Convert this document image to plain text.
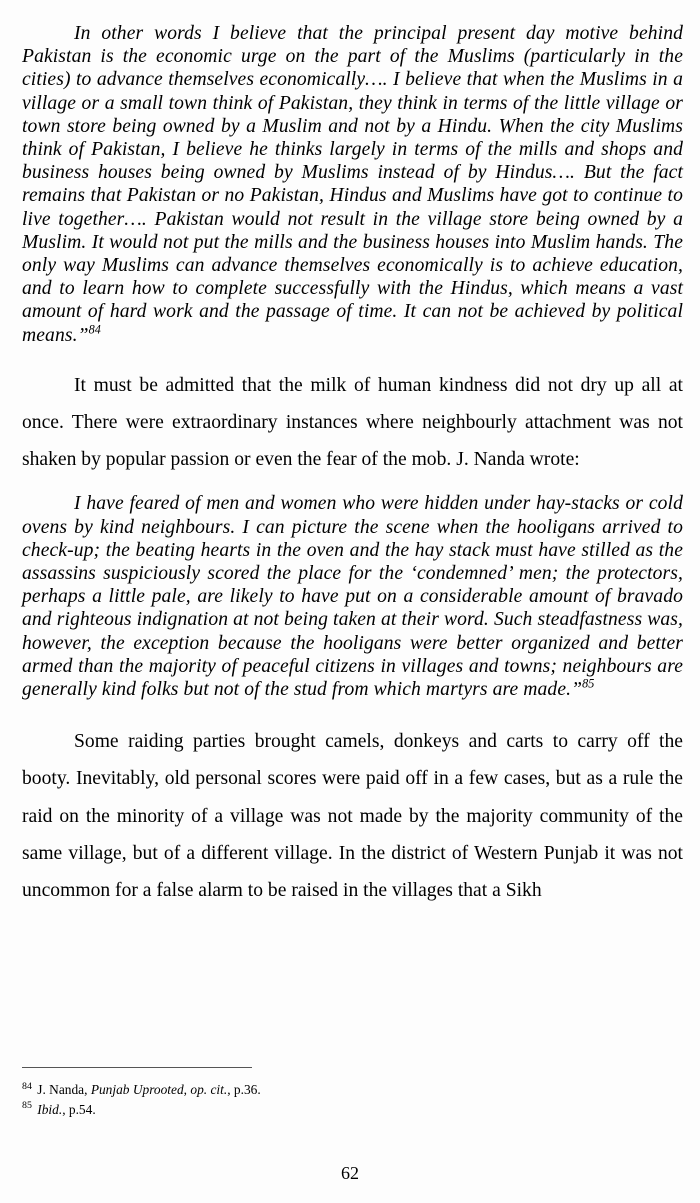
In other words I believe that the principal present day motive behind Pakistan is the economic urge on the part of the Muslims (particularly in the cities) to advance themselves economically…. I believe that when the Muslims in a village or a small town think of Pakistan, they think in terms of the little village or town store being owned by a Muslim and not by a Hindu. When the city Muslims think of Pakistan, I believe he thinks largely in terms of the mills and shops and business houses being owned by Muslims instead of by Hindus…. But the fact remains that Pakistan or no Pakistan, Hindus and Muslims have got to continue to live together…. Pakistan would not result in the village store being owned by a Muslim. It would not put the mills and the business houses into Muslim hands. The only way Muslims can advance themselves economically is to achieve education, and to learn how to complete successfully with the Hindus, which means a vast amount of hard work and the passage of time. It can not be achieved by political means.”$^{84}$

It must be admitted that the milk of human kindness did not dry up all at once. There were extraordinary instances where neighbourly attachment was not shaken by popular passion or even the fear of the mob. J. Nanda wrote:

I have feared of men and women who were hidden under hay-stacks or cold ovens by kind neighbours. I can picture the scene when the hooligans arrived to check-up; the beating hearts in the oven and the hay stack must have stilled as the assassins suspiciously scored the place for the ‘condemned’ men; the protectors, perhaps a little pale, are likely to have put on a considerable amount of bravado and righteous indignation at not being taken at their word. Such steadfastness was, however, the exception because the hooligans were better organized and better armed than the majority of peaceful citizens in villages and towns; neighbours are generally kind folks but not of the stud from which martyrs are made.”$^{85}$

Some raiding parties brought camels, donkeys and carts to carry off the booty. Inevitably, old personal scores were paid off in a few cases, but as a rule the raid on the minority of a village was not made by the majority community of the same village, but of a different village. In the district of Western Punjab it was not uncommon for a false alarm to be raised in the villages that a Sikh

$^{84}$ J. Nanda, Punjab Uprooted, op. cit., p.36.

$^{85}$ Ibid., p.54.

62
